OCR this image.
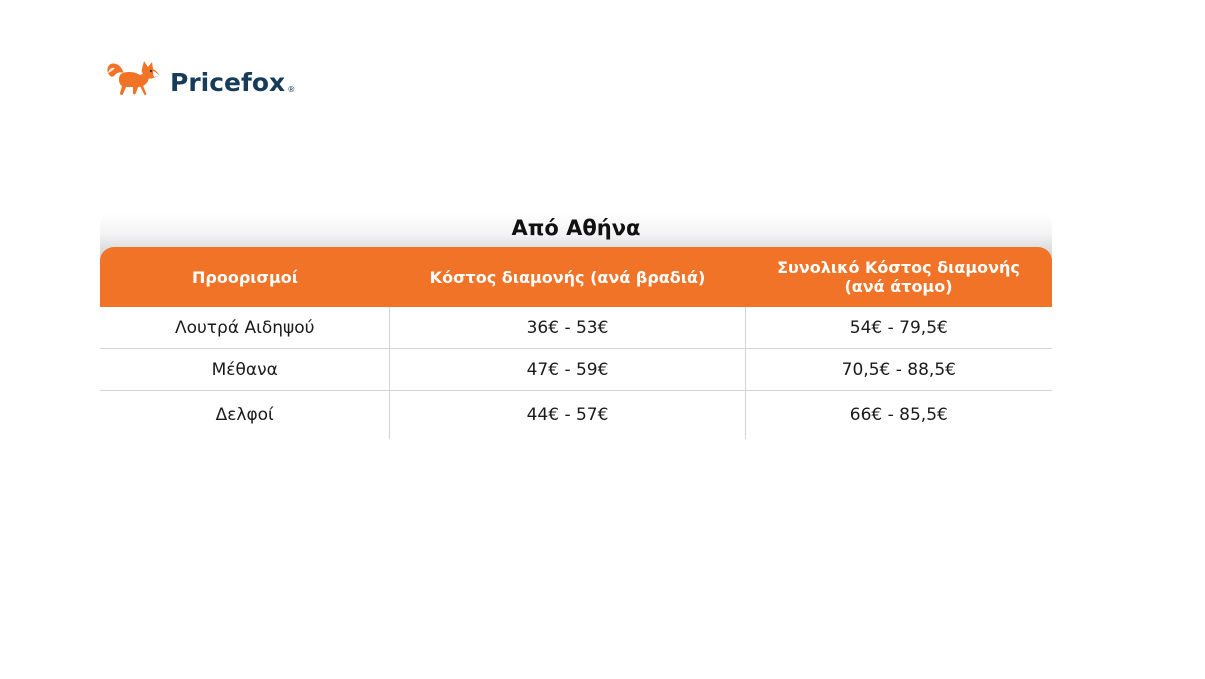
Pricefox ®
Από Αθήνα
Προορισμοί	Κόστος διαμονής (ανά βραδιά)	Συνολικό Κόστος διαμονής (ανά άτομο)
Λουτρά Αιδηψού	36€ - 53€	54€ - 79,5€
Μέθανα	47€ - 59€	70,5€ - 88,5€
Δελφοί	44€ - 57€	66€ - 85,5€
